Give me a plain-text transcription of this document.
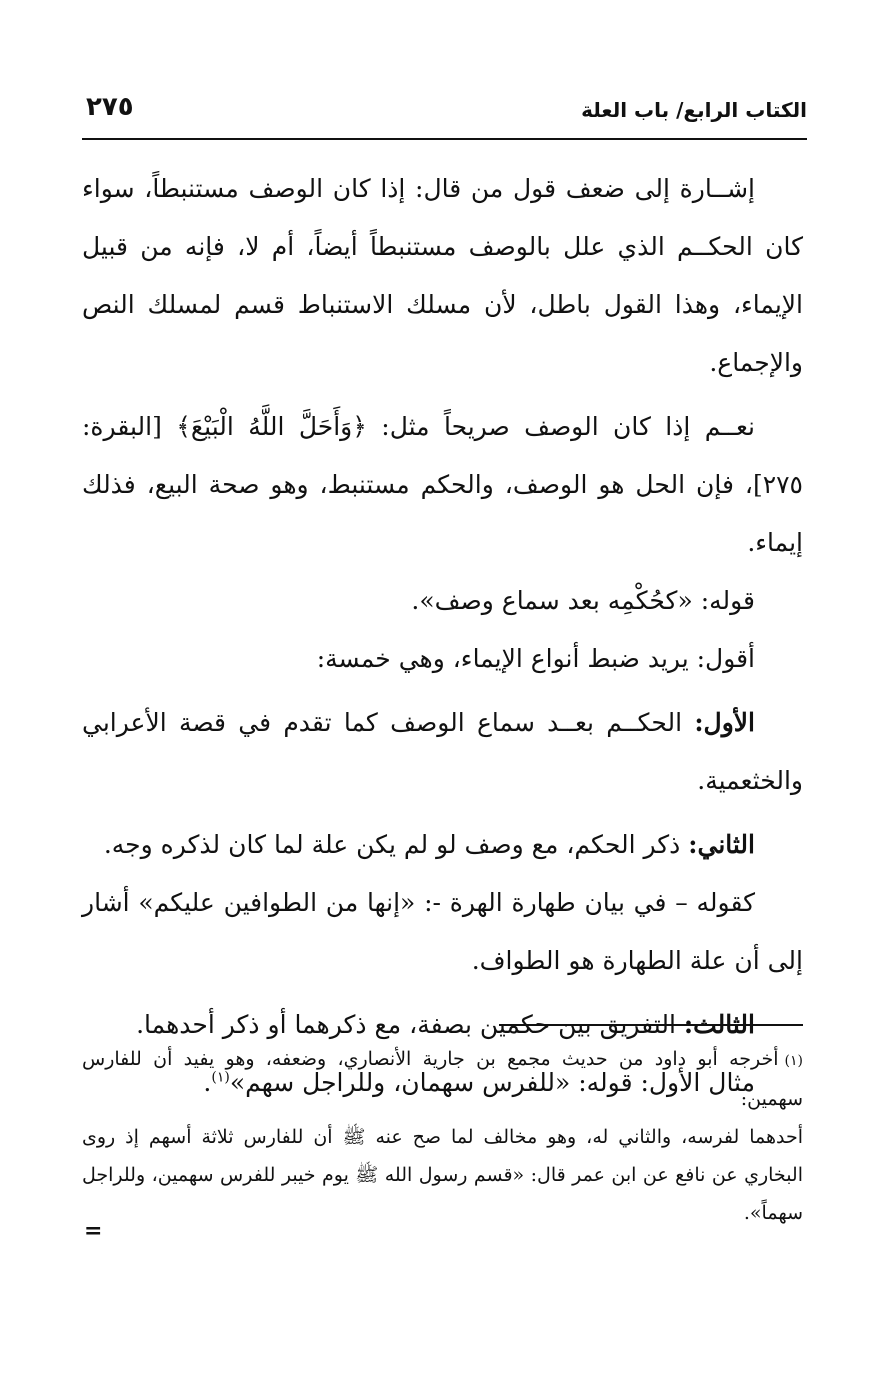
الكتاب الرابع/ باب العلة
٢٧٥

إشــارة إلى ضعف قول من قال: إذا كان الوصف مستنبطاً، سواء كان الحكــم الذي علل بالوصف مستنبطاً أيضاً، أم لا، فإنه من قبيل الإيماء، وهذا القول باطل، لأن مسلك الاستنباط قسم لمسلك النص والإجماع.

نعــم إذا كان الوصف صريحاً مثل: ﴿وَأَحَلَّ اللَّهُ الْبَيْعَ﴾ [البقرة: ٢٧٥]، فإن الحل هو الوصف، والحكم مستنبط، وهو صحة البيع، فذلك إيماء.

قوله: «كحُكْمِه بعد سماع وصف».

أقول: يريد ضبط أنواع الإيماء، وهي خمسة:

الأول: الحكــم بعــد سماع الوصف كما تقدم في قصة الأعرابي والخثعمية.

الثاني: ذكر الحكم، مع وصف لو لم يكن علة لما كان لذكره وجه.

كقوله – في بيان طهارة الهرة -: «إنها من الطوافين عليكم» أشار إلى أن علة الطهارة هو الطواف.

الثالث: التفريق بين حكمين بصفة، مع ذكرهما أو ذكر أحدهما.

مثال الأول: قوله: «للفرس سهمان، وللراجل سهم»$^{(١)}$.

(١)أخرجه أبو داود من حديث مجمع بن جارية الأنصاري، وضعفه، وهو يفيد أن للفارس سهمين:

أحدهما لفرسه، والثاني له، وهو مخالف لما صح عنه ﷺ أن للفارس ثلاثة أسهم إذ روى البخاري عن نافع عن ابن عمر قال: «قسم رسول الله ﷺ يوم خيبر للفرس سهمين، وللراجل سهماً».

=
